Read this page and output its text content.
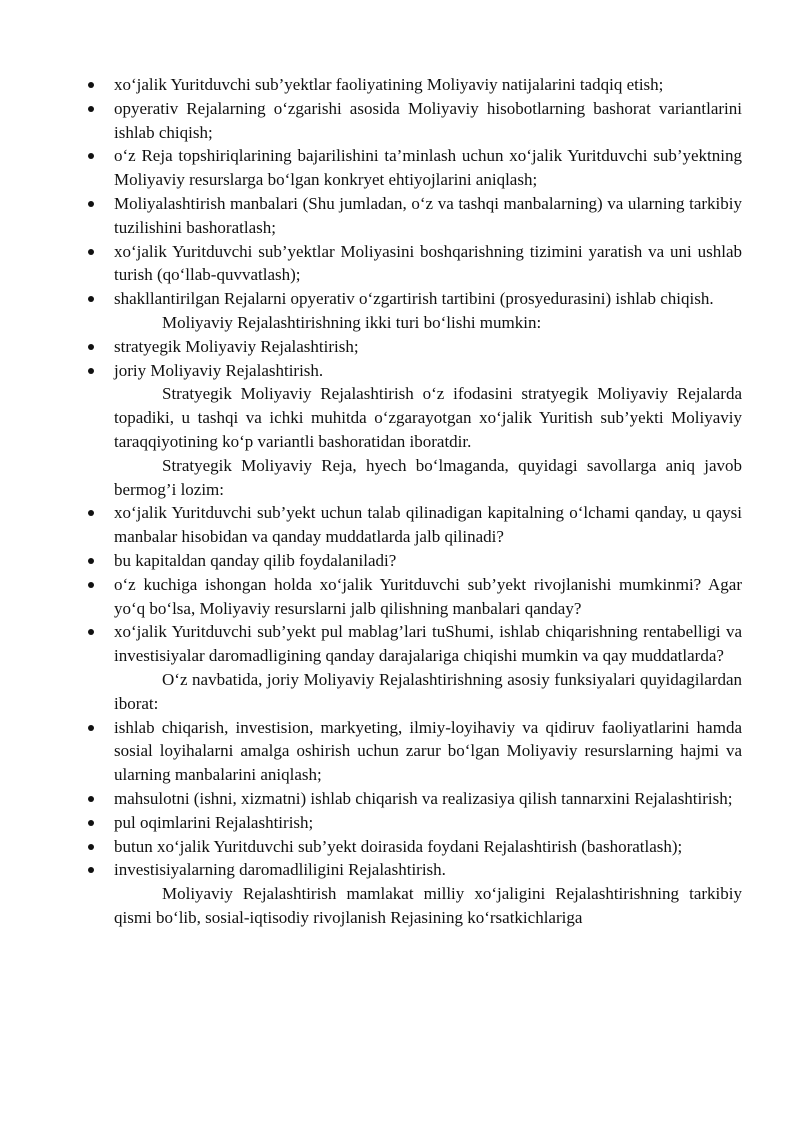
xo‘jalik Yuritduvchi sub’yektlar faoliyatining Moliyaviy natijalarini tadqiq etish;
opyerativ Rejalarning o‘zgarishi asosida Moliyaviy hisobotlarning bashorat variantlarini ishlab chiqish;
o‘z Reja topshiriqlarining bajarilishini ta’minlash uchun xo‘jalik Yuritduvchi sub’yektning Moliyaviy resurslarga bo‘lgan konkryet ehtiyojlarini aniqlash;
Moliyalashtirish manbalari (Shu jumladan, o‘z va tashqi manbalarning) va ularning tarkibiy tuzilishini bashoratlash;
xo‘jalik Yuritduvchi sub’yektlar Moliyasini boshqarishning tizimini yaratish va uni ushlab turish (qo‘llab-quvvatlash);
shakllantirilgan Rejalarni opyerativ o‘zgartirish tartibini (prosyedurasini) ishlab chiqish.

Moliyaviy Rejalashtirishning ikki turi bo‘lishi mumkin:

stratyegik Moliyaviy Rejalashtirish;
joriy Moliyaviy Rejalashtirish.

Stratyegik Moliyaviy Rejalashtirish o‘z ifodasini stratyegik Moliyaviy Rejalarda topadiki, u tashqi va ichki muhitda o‘zgarayotgan xo‘jalik Yuritish sub’yekti Moliyaviy taraqqiyotining ko‘p variantli bashoratidan iboratdir.

Stratyegik Moliyaviy Reja, hyech bo‘lmaganda, quyidagi savollarga aniq javob bermog’i lozim:

xo‘jalik Yuritduvchi sub’yekt uchun talab qilinadigan kapitalning o‘lchami qanday, u qaysi manbalar hisobidan va qanday muddatlarda jalb qilinadi?
bu kapitaldan qanday qilib foydalaniladi?
o‘z kuchiga ishongan holda xo‘jalik Yuritduvchi sub’yekt rivojlanishi mumkinmi? Agar yo‘q bo‘lsa, Moliyaviy resurslarni jalb qilishning manbalari qanday?
xo‘jalik Yuritduvchi sub’yekt pul mablag’lari tuShumi, ishlab chiqarishning rentabelligi va investisiyalar daromadligining qanday darajalariga chiqishi mumkin va qay muddatlarda?

O‘z navbatida, joriy Moliyaviy Rejalashtirishning asosiy funksiyalari quyidagilardan iborat:

ishlab chiqarish, investision, markyeting, ilmiy-loyihaviy va qidiruv faoliyatlarini hamda sosial loyihalarni amalga oshirish uchun zarur bo‘lgan Moliyaviy resurslarning hajmi va ularning manbalarini aniqlash;
mahsulotni (ishni, xizmatni) ishlab chiqarish va realizasiya qilish tannarxini Rejalashtirish;
pul oqimlarini Rejalashtirish;
butun xo‘jalik Yuritduvchi sub’yekt doirasida foydani Rejalashtirish (bashoratlash);
investisiyalarning daromadliligini Rejalashtirish.

Moliyaviy Rejalashtirish mamlakat milliy xo‘jaligini Rejalashtirishning tarkibiy qismi bo‘lib, sosial-iqtisodiy rivojlanish Rejasining ko‘rsatkichlariga
